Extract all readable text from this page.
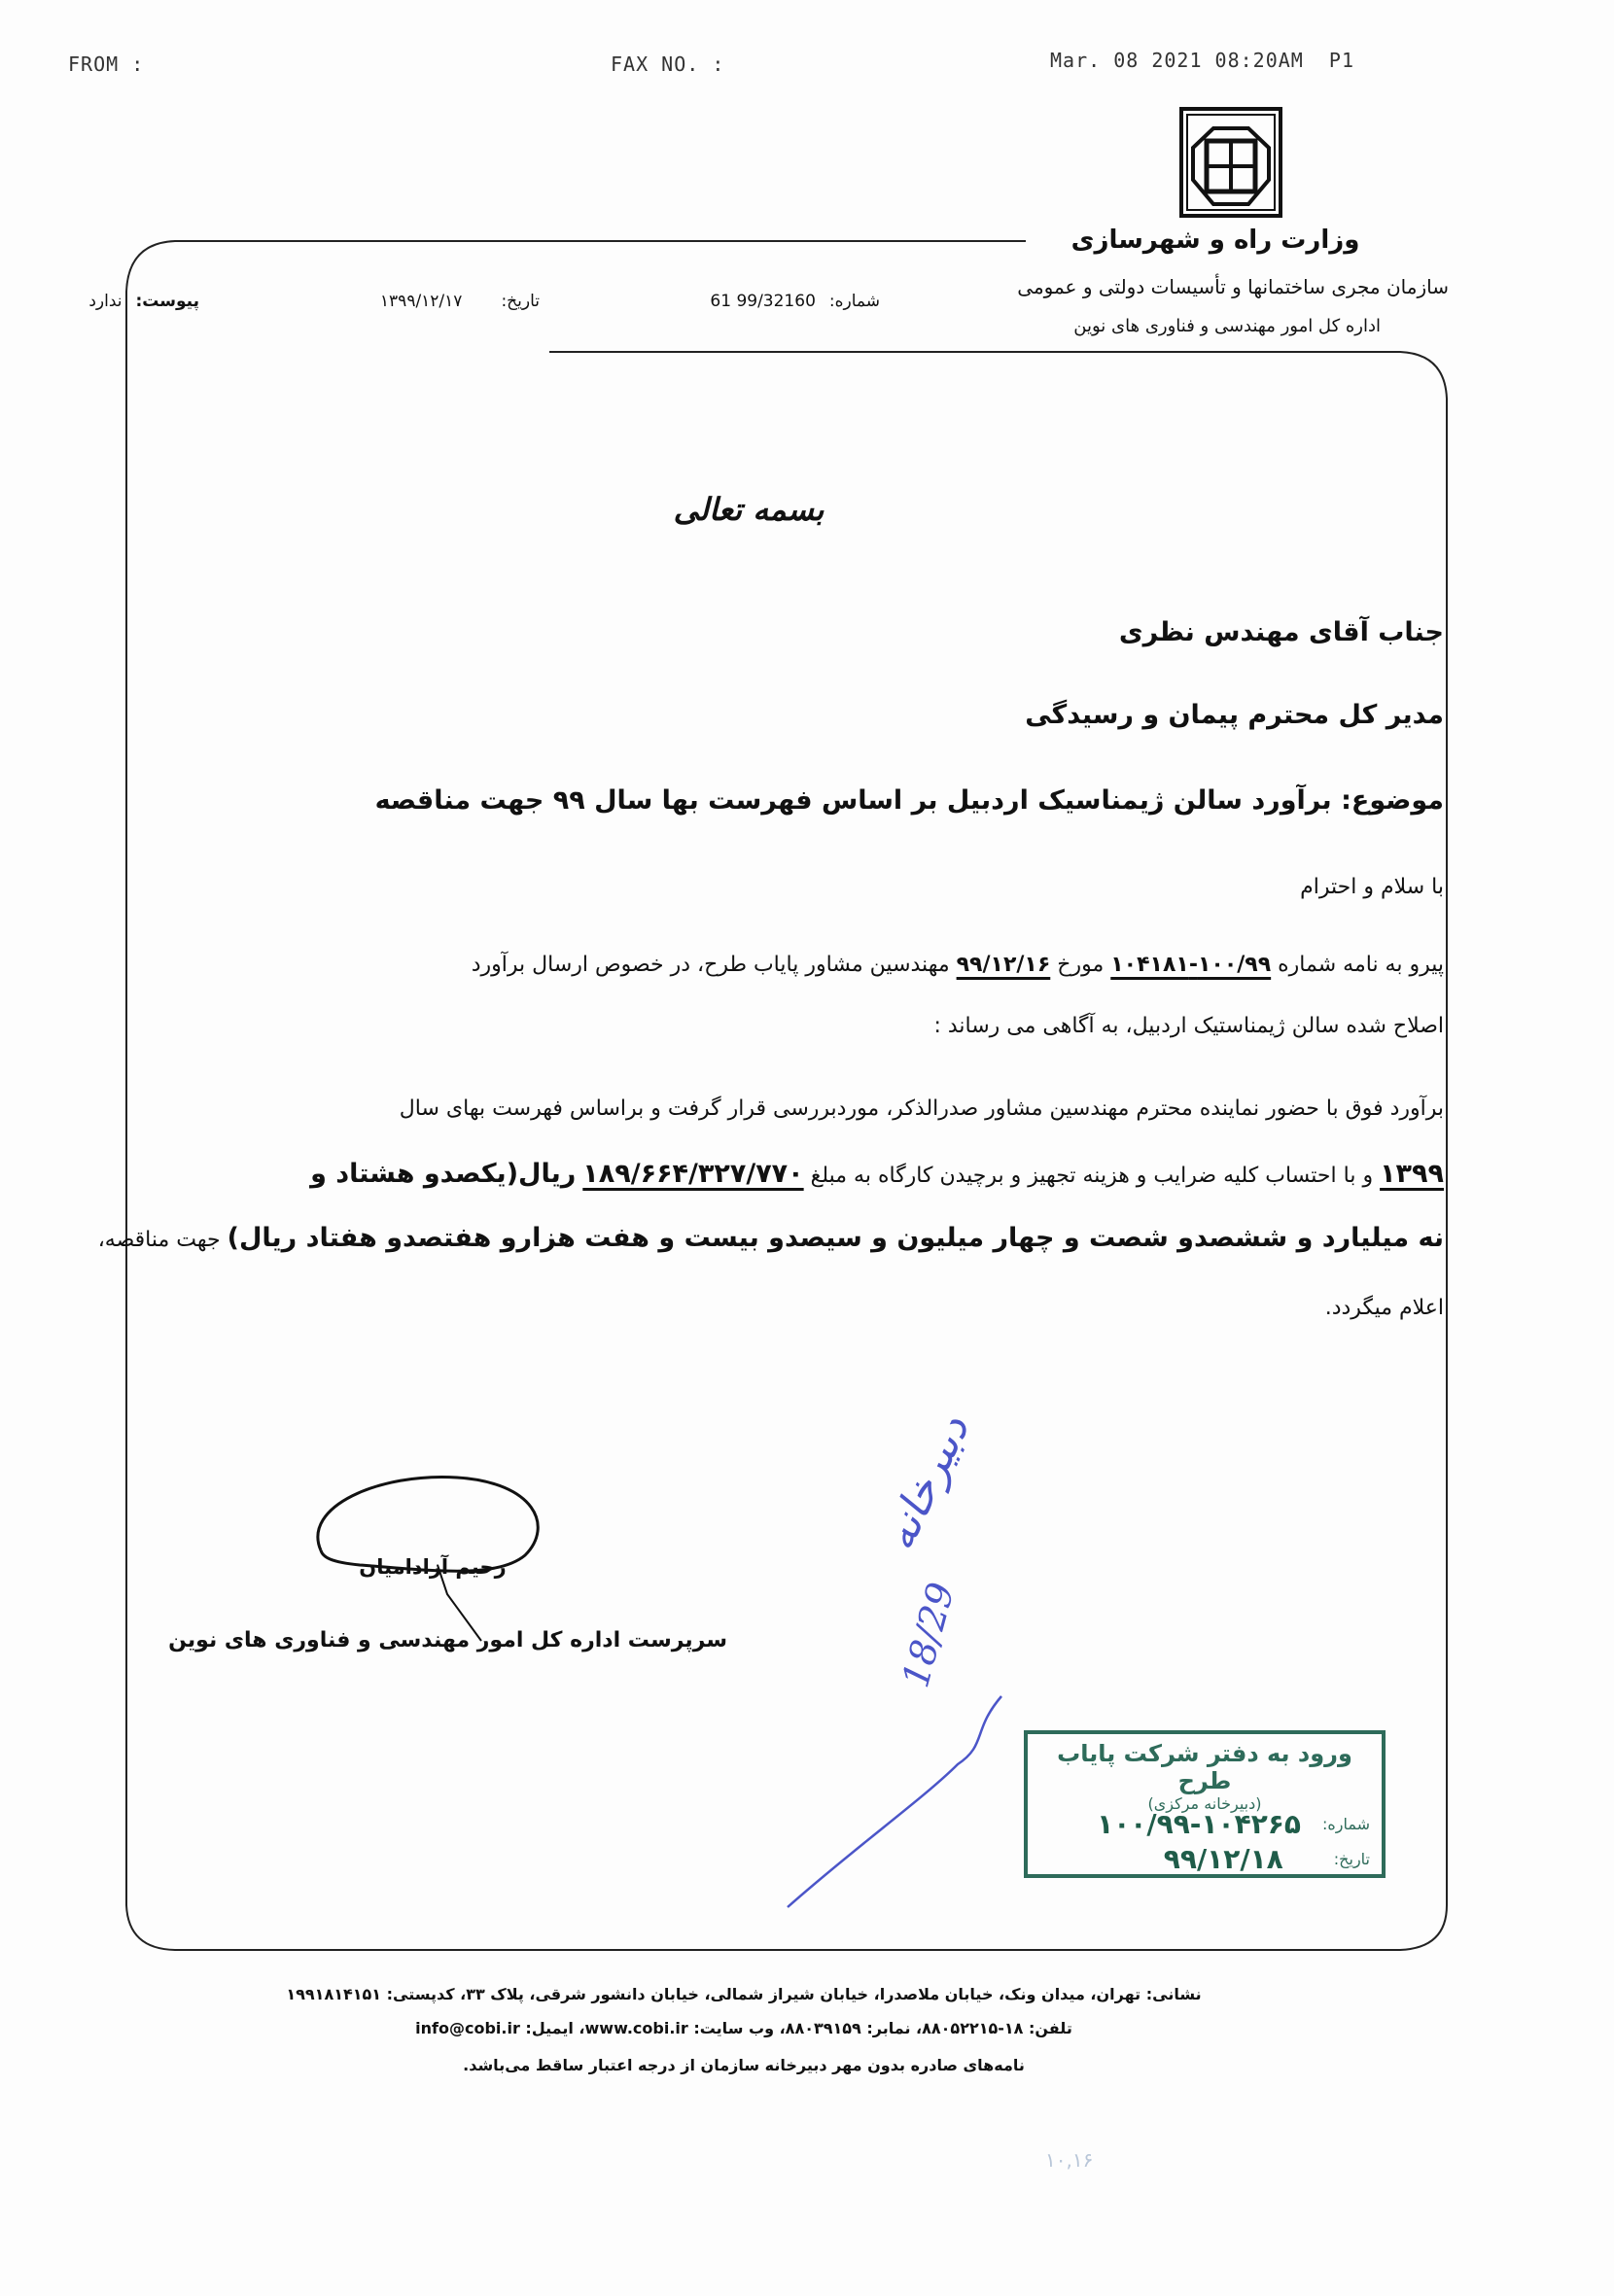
FROM :	FAX NO. :	Mar. 08 2021 08:20AM P1
وزارت راه و شهرسازی
سازمان مجری ساختمانها و تأسیسات دولتی و عمومی
اداره کل امور مهندسی و فناوری های نوین
شماره:
61 99/32160
تاریخ:
۱۳۹۹/۱۲/۱۷
پیوست:
ندارد
بسمه تعالی
جناب آقای مهندس نظری
مدیر کل محترم پیمان و رسیدگی
موضوع: برآورد سالن ژیمناسیک اردبیل بر اساس فهرست بها سال ۹۹ جهت مناقصه
با سلام و احترام
پیرو به نامه شماره ۱۰۰/۹۹-۱۰۴۱۸۱ مورخ ۹۹/۱۲/۱۶ مهندسین مشاور پایاب طرح، در خصوص ارسال برآورد
اصلاح شده سالن ژیمناستیک اردبیل، به آگاهی می رساند :
برآورد فوق با حضور نماینده محترم مهندسین مشاور صدرالذکر، موردبررسی قرار گرفت و براساس فهرست بهای سال
۱۳۹۹ و با احتساب کلیه ضرایب و هزینه تجهیز و برچیدن کارگاه به مبلغ ۱۸۹/۶۶۴/۳۲۷/۷۷۰ ریال(یکصدو هشتاد و
نه میلیارد و ششصدو شصت و چهار میلیون و سیصدو بیست و هفت هزارو هفتصدو هفتاد ریال) جهت مناقصه،
اعلام میگردد.
رحیم آزادامیان
سرپرست اداره کل امور مهندسی و فناوری های نوین
دبیرخانه
18/29
ورود به دفتر شرکت پایاب طرح
(دبیرخانه مرکزی)
شماره:
۱۰۰/۹۹-۱۰۴۲۶۵
تاریخ:
۹۹/۱۲/۱۸
نشانی: تهران، میدان ونک، خیابان ملاصدرا، خیابان شیراز شمالی، خیابان دانشور شرقی، پلاک ۳۳، کدپستی: ۱۹۹۱۸۱۴۱۵۱
تلفن: ۱۸-۸۸۰۵۲۲۱۵، نمابر: ۸۸۰۳۹۱۵۹، وب سایت: www.cobi.ir، ایمیل: info@cobi.ir
نامه‌های صادره بدون مهر دبیرخانه سازمان از درجه اعتبار ساقط می‌باشد.
۱۰,۱۶
